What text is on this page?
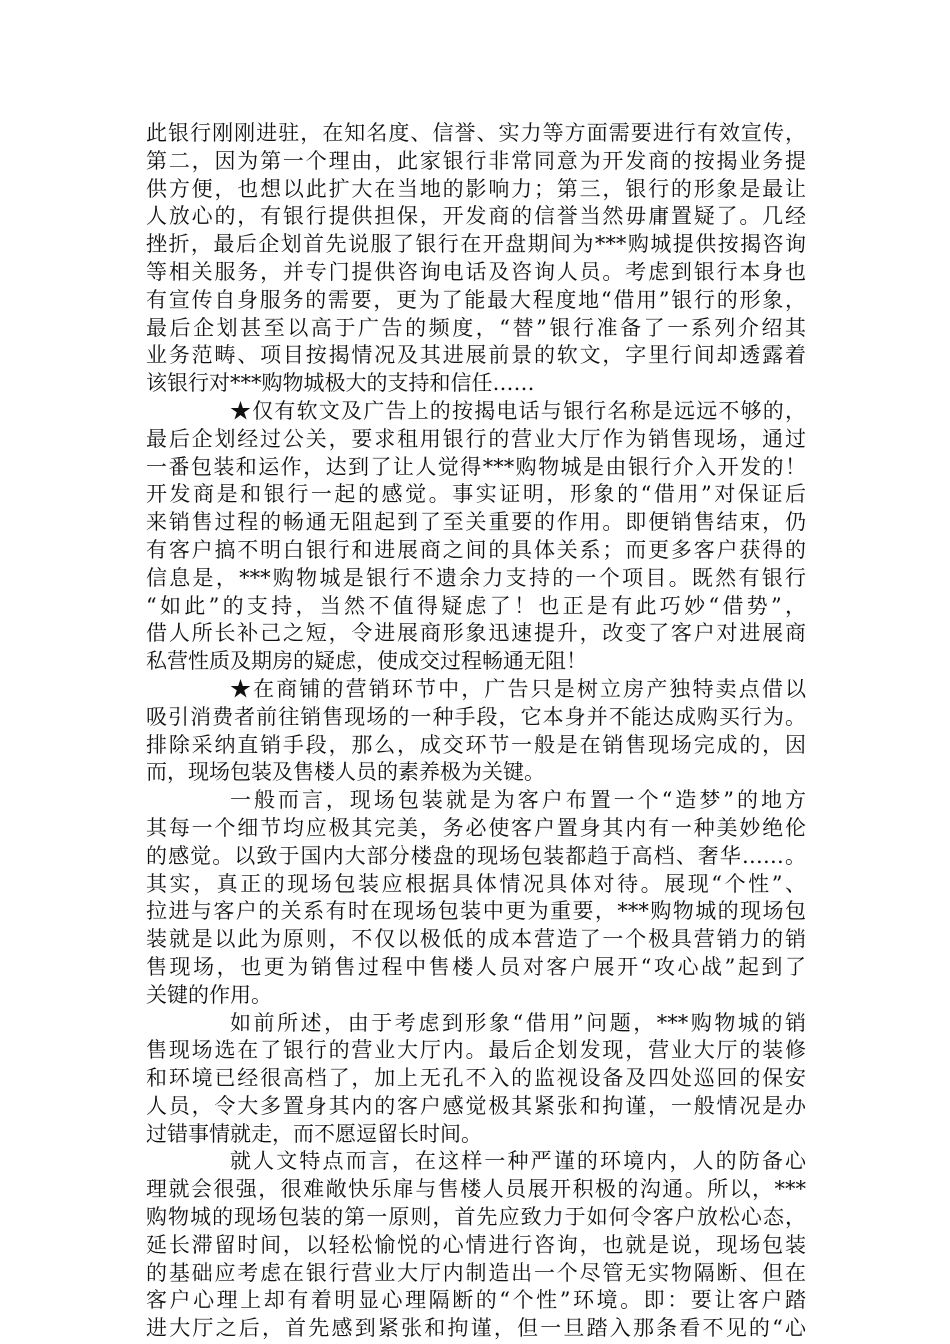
此银行刚刚进驻，在知名度、信誉、实力等方面需要进行有效宣传，
第二，因为第一个理由，此家银行非常同意为开发商的按揭业务提
供方便，也想以此扩大在当地的影响力；第三，银行的形象是最让
人放心的，有银行提供担保，开发商的信誉当然毋庸置疑了。几经
挫折，最后企划首先说服了银行在开盘期间为***购城提供按揭咨询
等相关服务，并专门提供咨询电话及咨询人员。考虑到银行本身也
有宣传自身服务的需要，更为了能最大程度地“借用”银行的形象，
最后企划甚至以高于广告的频度，“替”银行准备了一系列介绍其
业务范畴、项目按揭情况及其进展前景的软文，字里行间却透露着
该银行对***购物城极大的支持和信任……
★仅有软文及广告上的按揭电话与银行名称是远远不够的，
最后企划经过公关，要求租用银行的营业大厅作为销售现场，通过
一番包装和运作，达到了让人觉得***购物城是由银行介入开发的！
开发商是和银行一起的感觉。事实证明，形象的“借用”对保证后
来销售过程的畅通无阻起到了至关重要的作用。即便销售结束，仍
有客户搞不明白银行和进展商之间的具体关系；而更多客户获得的
信息是，***购物城是银行不遗余力支持的一个项目。既然有银行
“如此”的支持，当然不值得疑虑了！也正是有此巧妙“借势”，
借人所长补己之短，令进展商形象迅速提升，改变了客户对进展商
私营性质及期房的疑虑，使成交过程畅通无阻！
★在商铺的营销环节中，广告只是树立房产独特卖点借以
吸引消费者前往销售现场的一种手段，它本身并不能达成购买行为。
排除采纳直销手段，那么，成交环节一般是在销售现场完成的，因
而，现场包装及售楼人员的素养极为关键。
一般而言，现场包装就是为客户布置一个“造梦”的地方
其每一个细节均应极其完美，务必使客户置身其内有一种美妙绝伦
的感觉。以致于国内大部分楼盘的现场包装都趋于高档、奢华……。
其实，真正的现场包装应根据具体情况具体对待。展现“个性”、
拉进与客户的关系有时在现场包装中更为重要，***购物城的现场包
装就是以此为原则，不仅以极低的成本营造了一个极具营销力的销
售现场，也更为销售过程中售楼人员对客户展开“攻心战”起到了
关键的作用。
如前所述，由于考虑到形象“借用”问题，***购物城的销
售现场选在了银行的营业大厅内。最后企划发现，营业大厅的装修
和环境已经很高档了，加上无孔不入的监视设备及四处巡回的保安
人员，令大多置身其内的客户感觉极其紧张和拘谨，一般情况是办
过错事情就走，而不愿逗留长时间。
就人文特点而言，在这样一种严谨的环境内，人的防备心
理就会很强，很难敞快乐扉与售楼人员展开积极的沟通。所以，***
购物城的现场包装的第一原则，首先应致力于如何令客户放松心态，
延长滞留时间，以轻松愉悦的心情进行咨询，也就是说，现场包装
的基础应考虑在银行营业大厅内制造出一个尽管无实物隔断、但在
客户心理上却有着明显心理隔断的“个性”环境。即：要让客户踏
进大厅之后，首先感到紧张和拘谨，但一旦踏入那条看不见的“心
